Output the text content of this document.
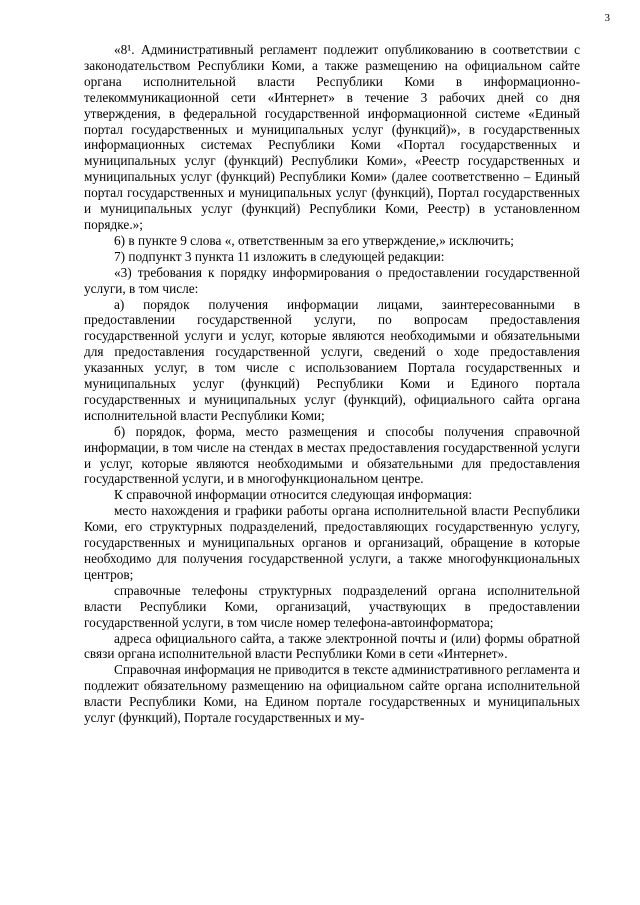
3

«8¹. Административный регламент подлежит опубликованию в соответствии с законодательством Республики Коми, а также размещению на официальном сайте органа исполнительной власти Республики Коми в информационно-телекоммуникационной сети «Интернет» в течение 3 рабочих дней со дня утверждения, в федеральной государственной информационной системе «Единый портал государственных и муниципальных услуг (функций)», в государственных информационных системах Республики Коми «Портал государственных и муниципальных услуг (функций) Республики Коми», «Реестр государственных и муниципальных услуг (функций) Республики Коми» (далее соответственно – Единый портал государственных и муниципальных услуг (функций), Портал государственных и муниципальных услуг (функций) Республики Коми, Реестр) в установленном порядке.»;

6) в пункте 9 слова «, ответственным за его утверждение,» исключить;

7) подпункт 3 пункта 11 изложить в следующей редакции:

«3) требования к порядку информирования о предоставлении государственной услуги, в том числе:

а) порядок получения информации лицами, заинтересованными в предоставлении государственной услуги, по вопросам предоставления государственной услуги и услуг, которые являются необходимыми и обязательными для предоставления государственной услуги, сведений о ходе предоставления указанных услуг, в том числе с использованием Портала государственных и муниципальных услуг (функций) Республики Коми и Единого портала государственных и муниципальных услуг (функций), официального сайта органа исполнительной власти Республики Коми;

б) порядок, форма, место размещения и способы получения справочной информации, в том числе на стендах в местах предоставления государственной услуги и услуг, которые являются необходимыми и обязательными для предоставления государственной услуги, и в многофункциональном центре.

К справочной информации относится следующая информация:

место нахождения и графики работы органа исполнительной власти Республики Коми, его структурных подразделений, предоставляющих государственную услугу, государственных и муниципальных органов и организаций, обращение в которые необходимо для получения государственной услуги, а также многофункциональных центров;

справочные телефоны структурных подразделений органа исполнительной власти Республики Коми, организаций, участвующих в предоставлении государственной услуги, в том числе номер телефона-автоинформатора;

адреса официального сайта, а также электронной почты и (или) формы обратной связи органа исполнительной власти Республики Коми в сети «Интернет».

Справочная информация не приводится в тексте административного регламента и подлежит обязательному размещению на официальном сайте органа исполнительной власти Республики Коми, на Едином портале государственных и муниципальных услуг (функций), Портале государственных и му-
